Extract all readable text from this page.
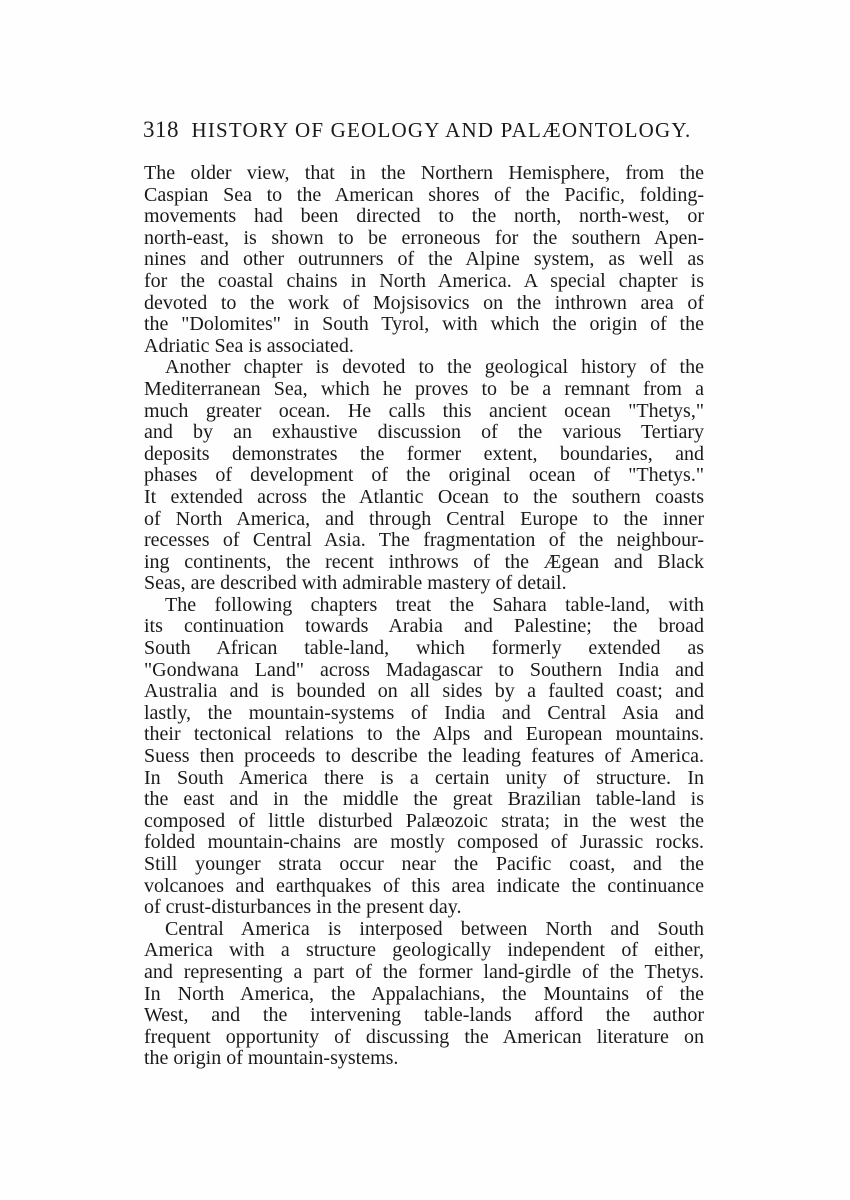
318 HISTORY OF GEOLOGY AND PALÆONTOLOGY.
The older view, that in the Northern Hemisphere, from the
Caspian Sea to the American shores of the Pacific, folding-
movements had been directed to the north, north-west, or
north-east, is shown to be erroneous for the southern Apen-
nines and other outrunners of the Alpine system, as well as
for the coastal chains in North America. A special chapter is
devoted to the work of Mojsisovics on the inthrown area of
the "Dolomites" in South Tyrol, with which the origin of the
Adriatic Sea is associated.
Another chapter is devoted to the geological history of the
Mediterranean Sea, which he proves to be a remnant from a
much greater ocean. He calls this ancient ocean "Thetys,"
and by an exhaustive discussion of the various Tertiary
deposits demonstrates the former extent, boundaries, and
phases of development of the original ocean of "Thetys."
It extended across the Atlantic Ocean to the southern coasts
of North America, and through Central Europe to the inner
recesses of Central Asia. The fragmentation of the neighbour-
ing continents, the recent inthrows of the Ægean and Black
Seas, are described with admirable mastery of detail.
The following chapters treat the Sahara table-land, with
its continuation towards Arabia and Palestine; the broad
South African table-land, which formerly extended as
"Gondwana Land" across Madagascar to Southern India and
Australia and is bounded on all sides by a faulted coast; and
lastly, the mountain-systems of India and Central Asia and
their tectonical relations to the Alps and European mountains.
Suess then proceeds to describe the leading features of America.
In South America there is a certain unity of structure. In
the east and in the middle the great Brazilian table-land is
composed of little disturbed Palæozoic strata; in the west the
folded mountain-chains are mostly composed of Jurassic rocks.
Still younger strata occur near the Pacific coast, and the
volcanoes and earthquakes of this area indicate the continuance
of crust-disturbances in the present day.
Central America is interposed between North and South
America with a structure geologically independent of either,
and representing a part of the former land-girdle of the Thetys.
In North America, the Appalachians, the Mountains of the
West, and the intervening table-lands afford the author
frequent opportunity of discussing the American literature on
the origin of mountain-systems.
